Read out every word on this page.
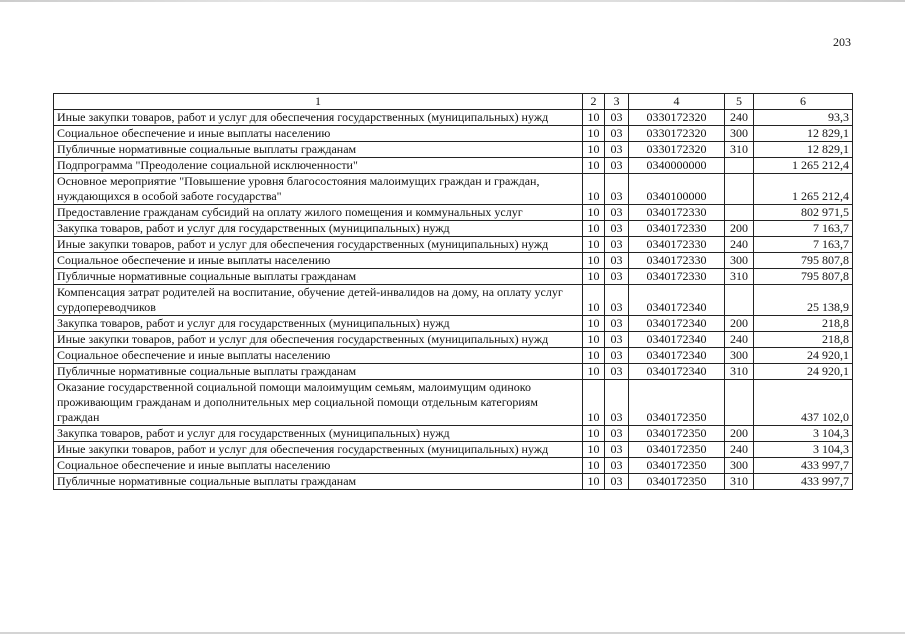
203
1	2	3	4	5	6
Иные закупки товаров, работ и услуг для обеспечения государственных (муниципальных) нужд	10	03	0330172320	240	93,3
Социальное обеспечение и иные выплаты населению	10	03	0330172320	300	12 829,1
Публичные нормативные социальные выплаты гражданам	10	03	0330172320	310	12 829,1
Подпрограмма "Преодоление социальной исключенности"	10	03	0340000000		1 265 212,4
Основное мероприятие "Повышение уровня благосостояния малоимущих граждан и граждан, нуждающихся в особой заботе государства"	10	03	0340100000		1 265 212,4
Предоставление гражданам субсидий на оплату жилого помещения и коммунальных услуг	10	03	0340172330		802 971,5
Закупка товаров, работ и услуг для государственных (муниципальных) нужд	10	03	0340172330	200	7 163,7
Иные закупки товаров, работ и услуг для обеспечения государственных (муниципальных) нужд	10	03	0340172330	240	7 163,7
Социальное обеспечение и иные выплаты населению	10	03	0340172330	300	795 807,8
Публичные нормативные социальные выплаты гражданам	10	03	0340172330	310	795 807,8
Компенсация затрат родителей на воспитание, обучение детей-инвалидов на дому, на оплату услуг сурдопереводчиков	10	03	0340172340		25 138,9
Закупка товаров, работ и услуг для государственных (муниципальных) нужд	10	03	0340172340	200	218,8
Иные закупки товаров, работ и услуг для обеспечения государственных (муниципальных) нужд	10	03	0340172340	240	218,8
Социальное обеспечение и иные выплаты населению	10	03	0340172340	300	24 920,1
Публичные нормативные социальные выплаты гражданам	10	03	0340172340	310	24 920,1
Оказание государственной социальной помощи малоимущим семьям, малоимущим одиноко проживающим гражданам и дополнительных мер социальной помощи отдельным категориям граждан	10	03	0340172350		437 102,0
Закупка товаров, работ и услуг для государственных (муниципальных) нужд	10	03	0340172350	200	3 104,3
Иные закупки товаров, работ и услуг для обеспечения государственных (муниципальных) нужд	10	03	0340172350	240	3 104,3
Социальное обеспечение и иные выплаты населению	10	03	0340172350	300	433 997,7
Публичные нормативные социальные выплаты гражданам	10	03	0340172350	310	433 997,7
